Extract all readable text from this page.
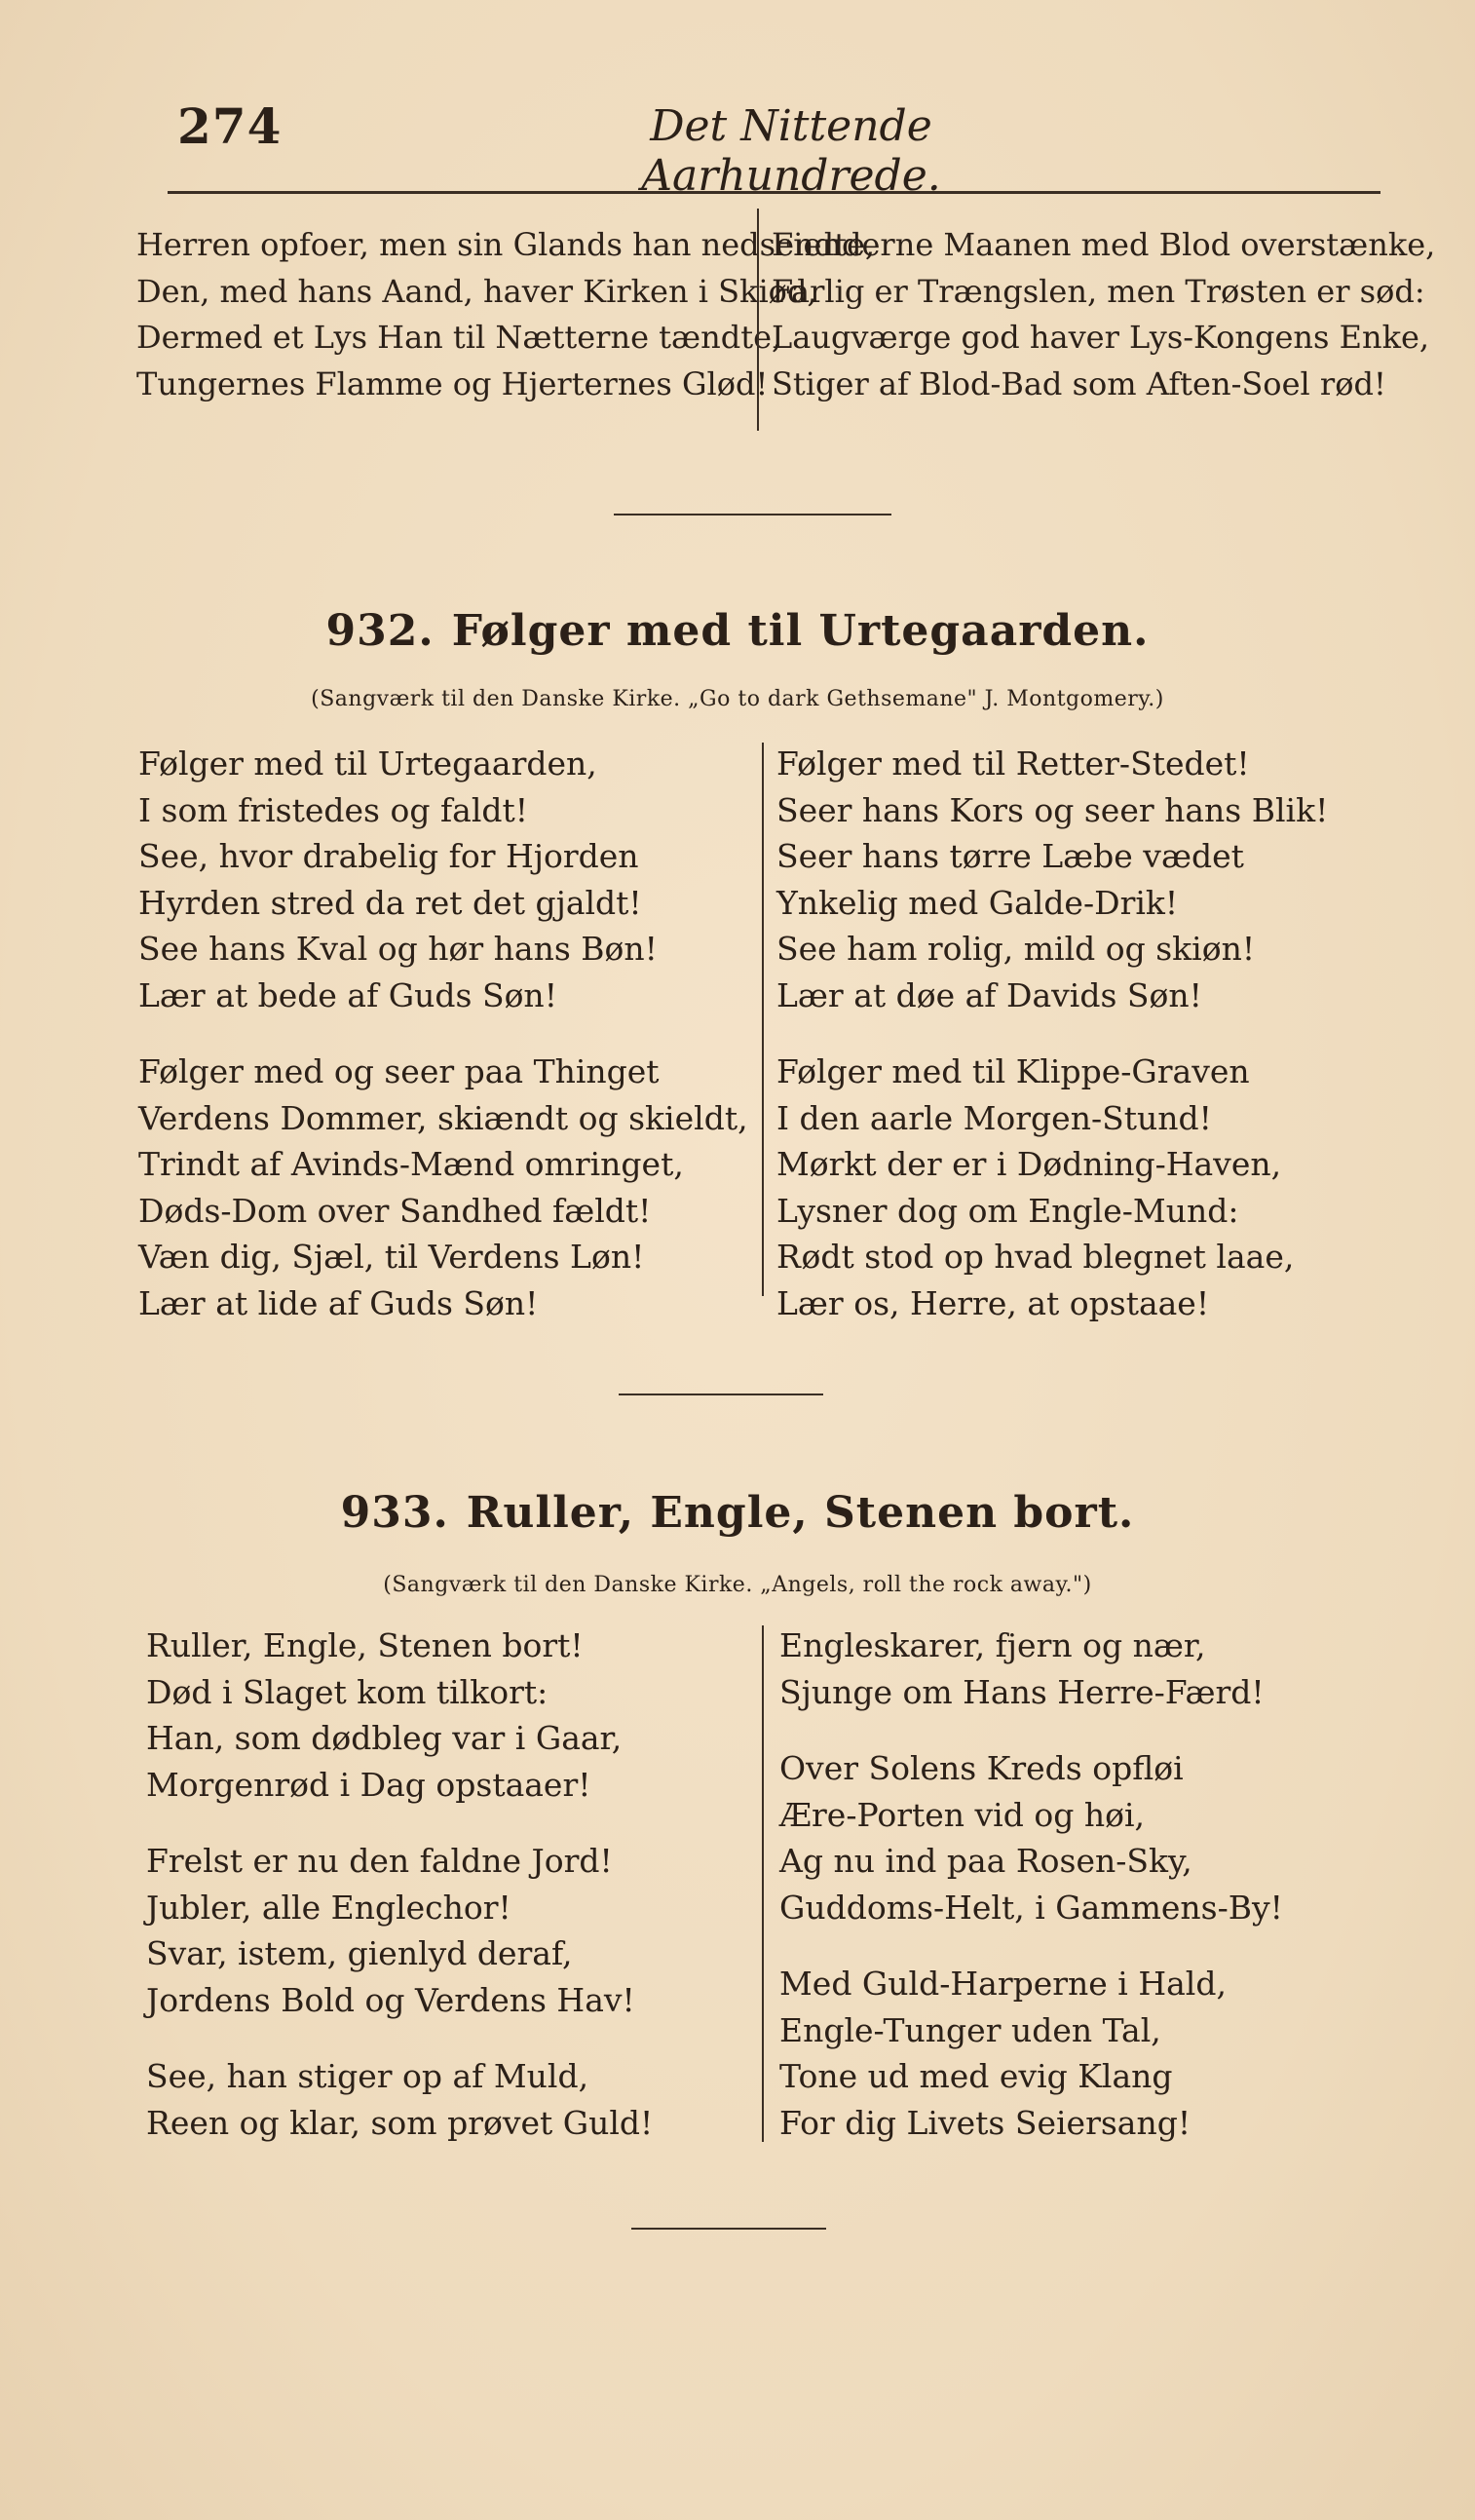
274	Det Nittende Aarhundrede.
Herren opfoer, men sin Glands han nedsendte,
Den, med hans Aand, haver Kirken i Skiød,
Dermed et Lys Han til Nætterne tændte,
Tungernes Flamme og Hjerternes Glød!
Fienderne Maanen med Blod overstænke,
Farlig er Trængslen, men Trøsten er sød:
Laugværge god haver Lys-Kongens Enke,
Stiger af Blod-Bad som Aften-Soel rød!
932. Følger med til Urtegaarden.
(Sangværk til den Danske Kirke. „Go to dark Gethsemane" J. Montgomery.)
Følger med til Urtegaarden,
I som fristedes og faldt!
See, hvor drabelig for Hjorden
Hyrden stred da ret det gjaldt!
See hans Kval og hør hans Bøn!
Lær at bede af Guds Søn!
Følger med og seer paa Thinget
Verdens Dommer, skiændt og skieldt,
Trindt af Avinds-Mænd omringet,
Døds-Dom over Sandhed fældt!
Væn dig, Sjæl, til Verdens Løn!
Lær at lide af Guds Søn!
Følger med til Retter-Stedet!
Seer hans Kors og seer hans Blik!
Seer hans tørre Læbe vædet
Ynkelig med Galde-Drik!
See ham rolig, mild og skiøn!
Lær at døe af Davids Søn!
Følger med til Klippe-Graven
I den aarle Morgen-Stund!
Mørkt der er i Dødning-Haven,
Lysner dog om Engle-Mund:
Rødt stod op hvad blegnet laae,
Lær os, Herre, at opstaae!
933. Ruller, Engle, Stenen bort.
(Sangværk til den Danske Kirke. „Angels, roll the rock away.")
Ruller, Engle, Stenen bort!
Død i Slaget kom tilkort:
Han, som dødbleg var i Gaar,
Morgenrød i Dag opstaaer!
Frelst er nu den faldne Jord!
Jubler, alle Englechor!
Svar, istem, gienlyd deraf,
Jordens Bold og Verdens Hav!
See, han stiger op af Muld,
Reen og klar, som prøvet Guld!
Engleskarer, fjern og nær,
Sjunge om Hans Herre-Færd!
Over Solens Kreds opfløi
Ære-Porten vid og høi,
Ag nu ind paa Rosen-Sky,
Guddoms-Helt, i Gammens-By!
Med Guld-Harperne i Hald,
Engle-Tunger uden Tal,
Tone ud med evig Klang
For dig Livets Seiersang!
